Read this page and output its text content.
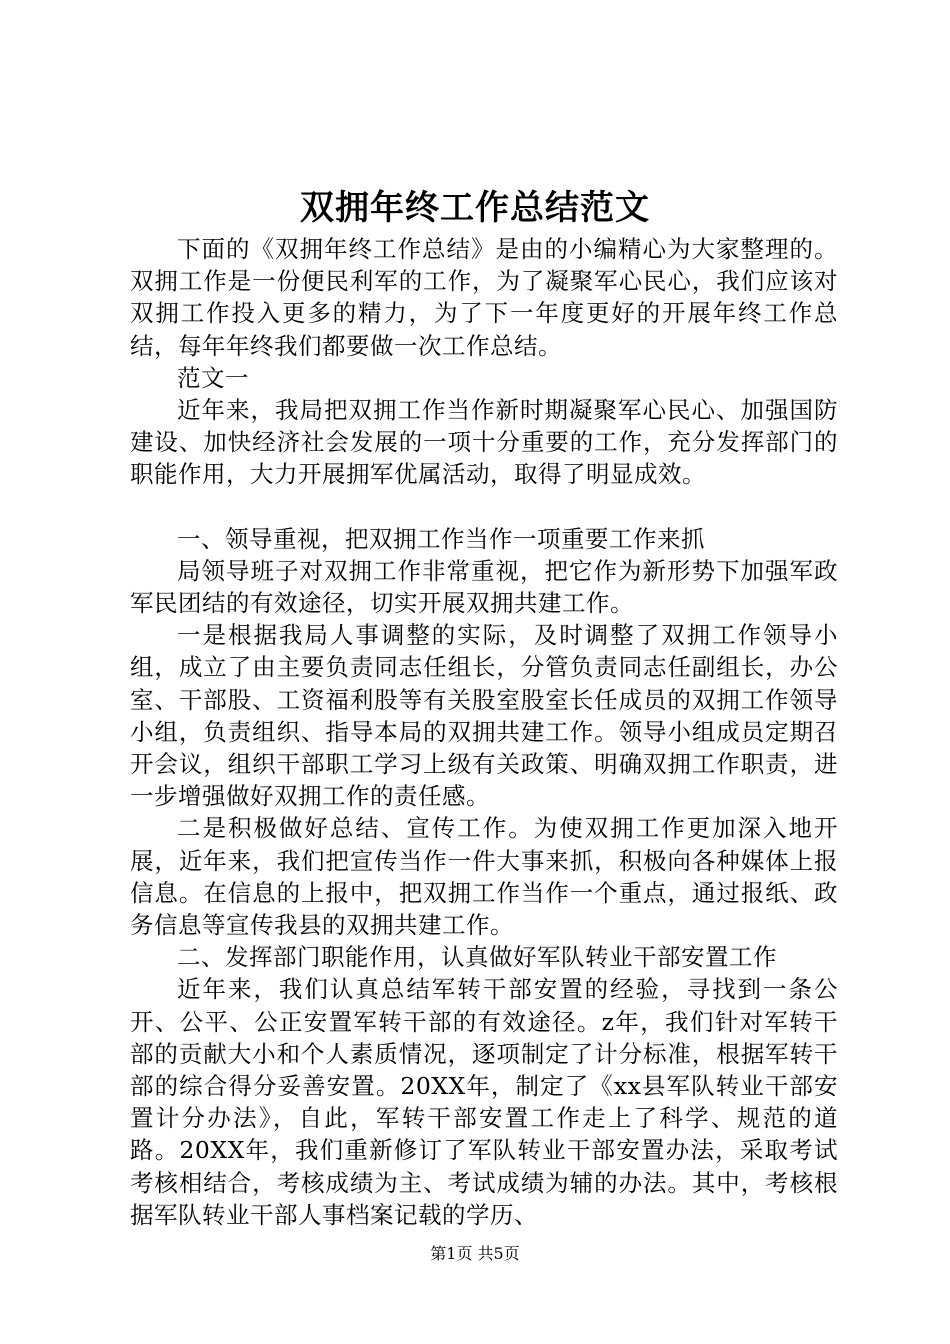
双拥年终工作总结范文

下面的《双拥年终工作总结》是由的小编精心为大家整理的。双拥工作是一份便民利军的工作，为了凝聚军心民心，我们应该对双拥工作投入更多的精力，为了下一年度更好的开展年终工作总结，每年年终我们都要做一次工作总结。

范文一

近年来，我局把双拥工作当作新时期凝聚军心民心、加强国防建设、加快经济社会发展的一项十分重要的工作，充分发挥部门的职能作用，大力开展拥军优属活动，取得了明显成效。

一、领导重视，把双拥工作当作一项重要工作来抓

局领导班子对双拥工作非常重视，把它作为新形势下加强军政军民团结的有效途径，切实开展双拥共建工作。

一是根据我局人事调整的实际，及时调整了双拥工作领导小组，成立了由主要负责同志任组长，分管负责同志任副组长，办公室、干部股、工资福利股等有关股室股室长任成员的双拥工作领导小组，负责组织、指导本局的双拥共建工作。领导小组成员定期召开会议，组织干部职工学习上级有关政策、明确双拥工作职责，进一步增强做好双拥工作的责任感。

二是积极做好总结、宣传工作。为使双拥工作更加深入地开展，近年来，我们把宣传当作一件大事来抓，积极向各种媒体上报信息。在信息的上报中，把双拥工作当作一个重点，通过报纸、政务信息等宣传我县的双拥共建工作。

二、发挥部门职能作用，认真做好军队转业干部安置工作

近年来，我们认真总结军转干部安置的经验，寻找到一条公开、公平、公正安置军转干部的有效途径。z年，我们针对军转干部的贡献大小和个人素质情况，逐项制定了计分标准，根据军转干部的综合得分妥善安置。20XX年，制定了《xx县军队转业干部安置计分办法》，自此，军转干部安置工作走上了科学、规范的道路。20XX年，我们重新修订了军队转业干部安置办法，采取考试考核相结合，考核成绩为主、考试成绩为辅的办法。其中，考核根据军队转业干部人事档案记载的学历、

第1页 共5页
